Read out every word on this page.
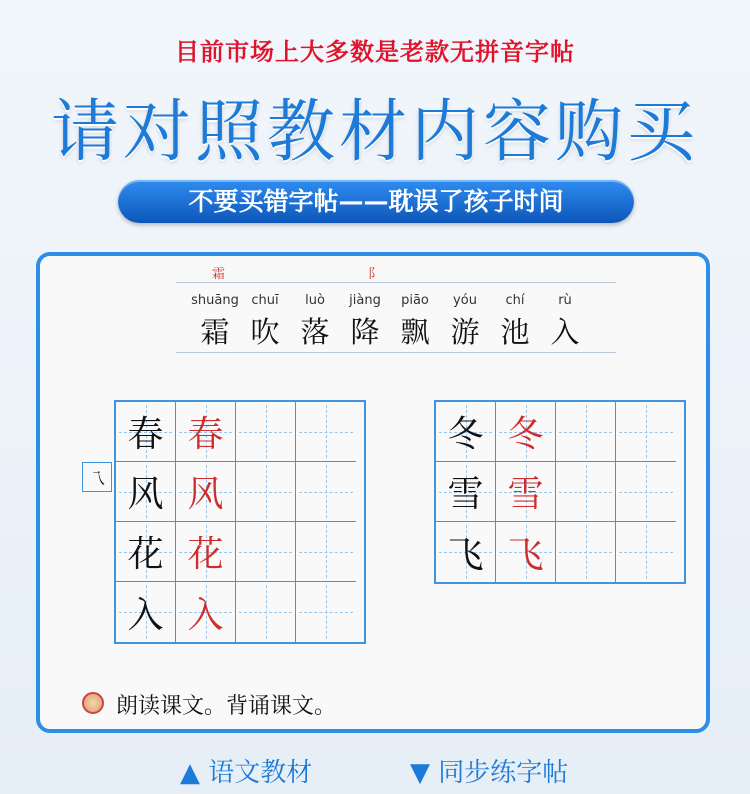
目前市场上大多数是老款无拼音字帖
请对照教材内容购买
不要买错字帖——耽误了孩子时间
霜	阝
shuāng chuī	luò	jiàng	piāo	yóu	chí	rù
霜 吹 落 降 飘 游 池 入
乁
春 春
风 风
花 花
入 入
冬 冬
雪 雪
飞 飞
朗读课文。背诵课文。
▲ 语文教材	▼ 同步练字帖
